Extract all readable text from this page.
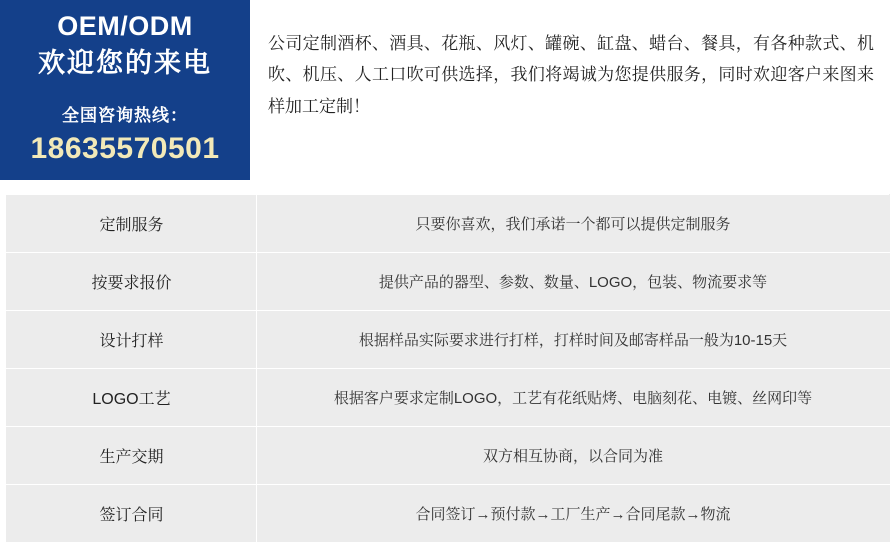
OEM/ODM
欢迎您的来电
全国咨询热线：
18635570501
公司定制酒杯、酒具、花瓶、风灯、罐碗、缸盘、蜡台、餐具，有各种款式、机吹、机压、人工口吹可供选择，我们将竭诚为您提供服务，同时欢迎客户来图来样加工定制！
定制服务	只要你喜欢，我们承诺一个都可以提供定制服务
按要求报价	提供产品的器型、参数、数量、LOGO，包装、物流要求等
设计打样	根据样品实际要求进行打样，打样时间及邮寄样品一般为10-15天
LOGO工艺	根据客户要求定制LOGO，工艺有花纸贴烤、电脑刻花、电镀、丝网印等
生产交期	双方相互协商，以合同为准
签订合同	合同签订→预付款→工厂生产→合同尾款→物流
